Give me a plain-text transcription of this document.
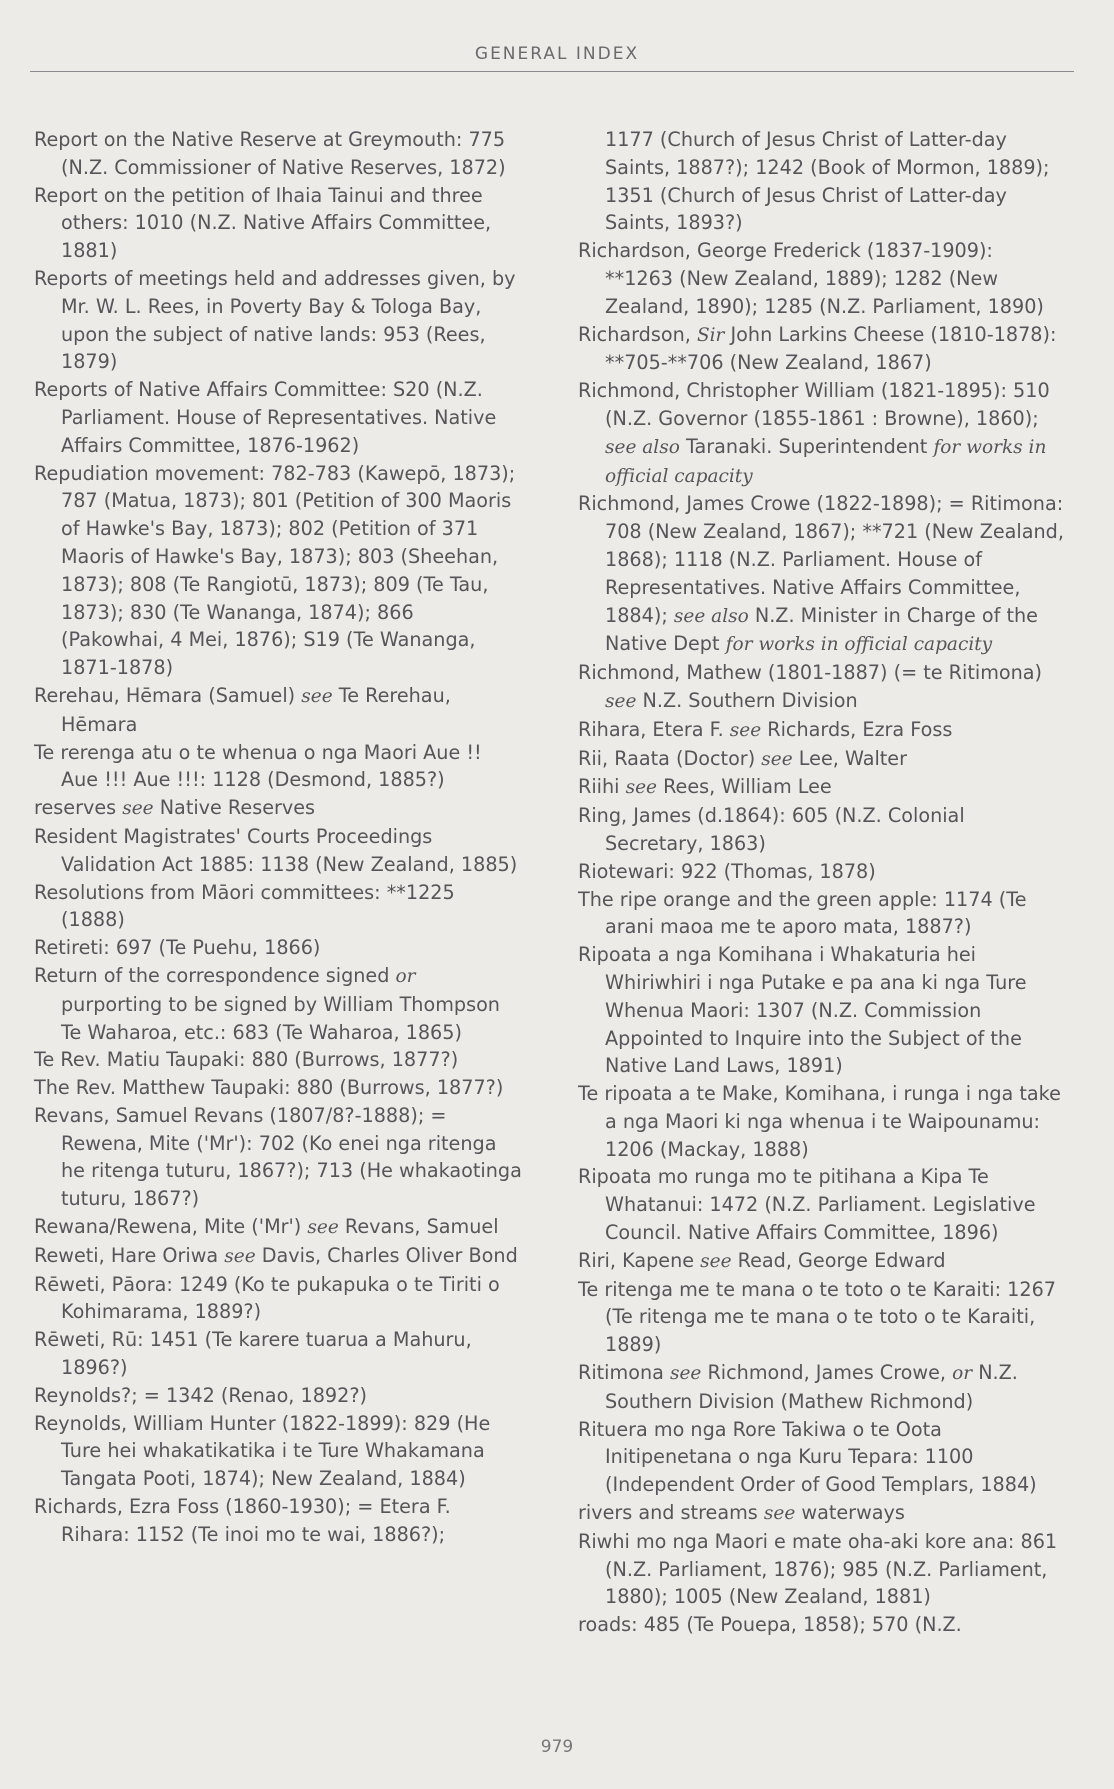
GENERAL INDEX
Report on the Native Reserve at Greymouth: 775 (N.Z. Commissioner of Native Reserves, 1872)
Report on the petition of Ihaia Tainui and three others: 1010 (N.Z. Native Affairs Committee, 1881)
Reports of meetings held and addresses given, by Mr. W. L. Rees, in Poverty Bay & Tologa Bay, upon the subject of native lands: 953 (Rees, 1879)
Reports of Native Affairs Committee: S20 (N.Z. Parliament. House of Representatives. Native Affairs Committee, 1876-1962)
Repudiation movement: 782-783 (Kawepō, 1873); 787 (Matua, 1873); 801 (Petition of 300 Maoris of Hawke's Bay, 1873); 802 (Petition of 371 Maoris of Hawke's Bay, 1873); 803 (Sheehan, 1873); 808 (Te Rangiotū, 1873); 809 (Te Tau, 1873); 830 (Te Wananga, 1874); 866 (Pakowhai, 4 Mei, 1876); S19 (Te Wananga, 1871-1878)
Rerehau, Hēmara (Samuel) see Te Rerehau, Hēmara
Te rerenga atu o te whenua o nga Maori Aue !! Aue !!! Aue !!!: 1128 (Desmond, 1885?)
reserves see Native Reserves
Resident Magistrates' Courts Proceedings Validation Act 1885: 1138 (New Zealand, 1885)
Resolutions from Māori committees: **1225 (1888)
Retireti: 697 (Te Puehu, 1866)
Return of the correspondence signed or purporting to be signed by William Thompson Te Waharoa, etc.: 683 (Te Waharoa, 1865)
Te Rev. Matiu Taupaki: 880 (Burrows, 1877?)
The Rev. Matthew Taupaki: 880 (Burrows, 1877?)
Revans, Samuel Revans (1807/8?-1888); = Rewena, Mite ('Mr'): 702 (Ko enei nga ritenga he ritenga tuturu, 1867?); 713 (He whakaotinga tuturu, 1867?)
Rewana/Rewena, Mite ('Mr') see Revans, Samuel
Reweti, Hare Oriwa see Davis, Charles Oliver Bond
Rēweti, Pāora: 1249 (Ko te pukapuka o te Tiriti o Kohimarama, 1889?)
Rēweti, Rū: 1451 (Te karere tuarua a Mahuru, 1896?)
Reynolds?; = 1342 (Renao, 1892?)
Reynolds, William Hunter (1822-1899): 829 (He Ture hei whakatikatika i te Ture Whakamana Tangata Pooti, 1874); New Zealand, 1884)
Richards, Ezra Foss (1860-1930); = Etera F. Rihara: 1152 (Te inoi mo te wai, 1886?);
1177 (Church of Jesus Christ of Latter-day Saints, 1887?); 1242 (Book of Mormon, 1889); 1351 (Church of Jesus Christ of Latter-day Saints, 1893?)
Richardson, George Frederick (1837-1909): **1263 (New Zealand, 1889); 1282 (New Zealand, 1890); 1285 (N.Z. Parliament, 1890)
Richardson, Sir John Larkins Cheese (1810-1878): **705-**706 (New Zealand, 1867)
Richmond, Christopher William (1821-1895): 510 (N.Z. Governor (1855-1861 : Browne), 1860); see also Taranaki. Superintendent for works in official capacity
Richmond, James Crowe (1822-1898); = Ritimona: 708 (New Zealand, 1867); **721 (New Zealand, 1868); 1118 (N.Z. Parliament. House of Representatives. Native Affairs Committee, 1884); see also N.Z. Minister in Charge of the Native Dept for works in official capacity
Richmond, Mathew (1801-1887) (= te Ritimona) see N.Z. Southern Division
Rihara, Etera F. see Richards, Ezra Foss
Rii, Raata (Doctor) see Lee, Walter
Riihi see Rees, William Lee
Ring, James (d.1864): 605 (N.Z. Colonial Secretary, 1863)
Riotewari: 922 (Thomas, 1878)
The ripe orange and the green apple: 1174 (Te arani maoa me te aporo mata, 1887?)
Ripoata a nga Komihana i Whakaturia hei Whiriwhiri i nga Putake e pa ana ki nga Ture Whenua Maori: 1307 (N.Z. Commission Appointed to Inquire into the Subject of the Native Land Laws, 1891)
Te ripoata a te Make, Komihana, i runga i nga take a nga Maori ki nga whenua i te Waipounamu: 1206 (Mackay, 1888)
Ripoata mo runga mo te pitihana a Kipa Te Whatanui: 1472 (N.Z. Parliament. Legislative Council. Native Affairs Committee, 1896)
Riri, Kapene see Read, George Edward
Te ritenga me te mana o te toto o te Karaiti: 1267 (Te ritenga me te mana o te toto o te Karaiti, 1889)
Ritimona see Richmond, James Crowe, or N.Z. Southern Division (Mathew Richmond)
Rituera mo nga Rore Takiwa o te Oota Initipenetana o nga Kuru Tepara: 1100 (Independent Order of Good Templars, 1884)
rivers and streams see waterways
Riwhi mo nga Maori e mate oha-aki kore ana: 861 (N.Z. Parliament, 1876); 985 (N.Z. Parliament, 1880); 1005 (New Zealand, 1881)
roads: 485 (Te Pouepa, 1858); 570 (N.Z.
979
